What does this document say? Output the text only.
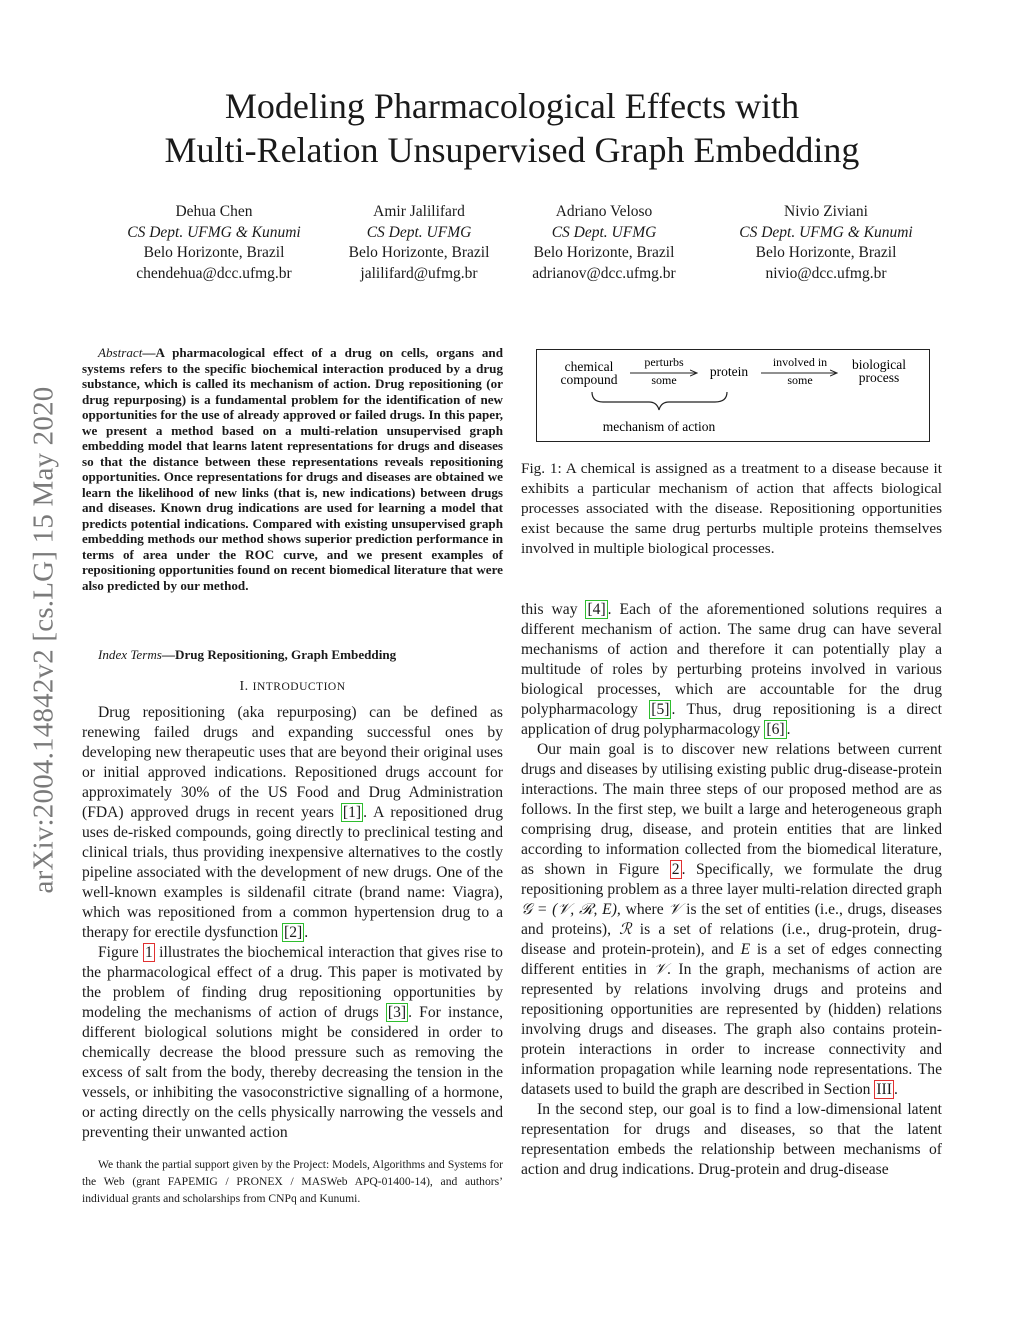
Modeling Pharmacological Effects with
Multi-Relation Unsupervised Graph Embedding
Dehua Chen
CS Dept. UFMG & Kunumi
Belo Horizonte, Brazil
chendehua@dcc.ufmg.br
Amir Jalilifard
CS Dept. UFMG
Belo Horizonte, Brazil
jalilifard@ufmg.br
Adriano Veloso
CS Dept. UFMG
Belo Horizonte, Brazil
adrianov@dcc.ufmg.br
Nivio Ziviani
CS Dept. UFMG & Kunumi
Belo Horizonte, Brazil
nivio@dcc.ufmg.br
arXiv:2004.14842v2 [cs.LG] 15 May 2020
Abstract—A pharmacological effect of a drug on cells, organs and systems refers to the specific biochemical interaction produced by a drug substance, which is called its mechanism of action. Drug repositioning (or drug repurposing) is a fundamental problem for the identification of new opportunities for the use of already approved or failed drugs. In this paper, we present a method based on a multi-relation unsupervised graph embedding model that learns latent representations for drugs and diseases so that the distance between these representations reveals repositioning opportunities. Once representations for drugs and diseases are obtained we learn the likelihood of new links (that is, new indications) between drugs and diseases. Known drug indications are used for learning a model that predicts potential indications. Compared with existing unsupervised graph embedding methods our method shows superior prediction performance in terms of area under the ROC curve, and we present examples of repositioning opportunities found on recent biomedical literature that were also predicted by our method.
Index Terms—Drug Repositioning, Graph Embedding
I. INTRODUCTION

Drug repositioning (aka repurposing) can be defined as renewing failed drugs and expanding successful ones by developing new therapeutic uses that are beyond their original uses or initial approved indications. Repositioned drugs account for approximately 30% of the US Food and Drug Administration (FDA) approved drugs in recent years [1] . A repositioned drug uses de-risked compounds, going directly to preclinical testing and clinical trials, thus providing inexpensive alternatives to the costly pipeline associated with the development of new drugs. One of the well-known examples is sildenafil citrate (brand name: Viagra), which was repositioned from a common hypertension drug to a therapy for erectile dysfunction [2] .

Figure 1 illustrates the biochemical interaction that gives rise to the pharmacological effect of a drug. This paper is motivated by the problem of finding drug repositioning opportunities by modeling the mechanisms of action of drugs [3] . For instance, different biological solutions might be considered in order to chemically decrease the blood pressure such as removing the excess of salt from the body, thereby decreasing the tension in the vessels, or inhibiting the vasoconstrictive signalling of a hormone, or acting directly on the cells physically narrowing the vessels and preventing their unwanted action

We thank the partial support given by the Project: Models, Algorithms and Systems for the Web (grant FAPEMIG / PRONEX / MASWeb APQ-01400-14), and authors’ individual grants and scholarships from CNPq and Kunumi.
chemical
compound
perturbs
some
protein
involved in
some
biological
process
mechanism of action
Fig. 1: A chemical is assigned as a treatment to a disease because it exhibits a particular mechanism of action that affects biological processes associated with the disease. Repositioning opportunities exist because the same drug perturbs multiple proteins themselves involved in multiple biological processes.

this way [4] . Each of the aforementioned solutions requires a different mechanism of action. The same drug can have several mechanisms of action and therefore it can potentially play a multitude of roles by perturbing proteins involved in various biological processes, which are accountable for the drug polypharmacology [5] . Thus, drug repositioning is a direct application of drug polypharmacology [6] .

Our main goal is to discover new relations between current drugs and diseases by utilising existing public drug-disease-protein interactions. The main three steps of our proposed method are as follows. In the first step, we built a large and heterogeneous graph comprising drug, disease, and protein entities that are linked according to information collected from the biomedical literature, as shown in Figure 2 . Specifically, we formulate the drug repositioning problem as a three layer multi-relation directed graph 𝒢 = (𝒱, ℛ, E), where 𝒱 is the set of entities (i.e., drugs, diseases and proteins), ℛ is a set of relations (i.e., drug-protein, drug-disease and protein-protein), and E is a set of edges connecting different entities in 𝒱. In the graph, mechanisms of action are represented by relations involving drugs and proteins and repositioning opportunities are represented by (hidden) relations involving drugs and diseases. The graph also contains protein-protein interactions in order to increase connectivity and information propagation while learning node representations. The datasets used to build the graph are described in Section III .

In the second step, our goal is to find a low-dimensional latent representation for drugs and diseases, so that the latent representation embeds the relationship between mechanisms of action and drug indications. Drug-protein and drug-disease
